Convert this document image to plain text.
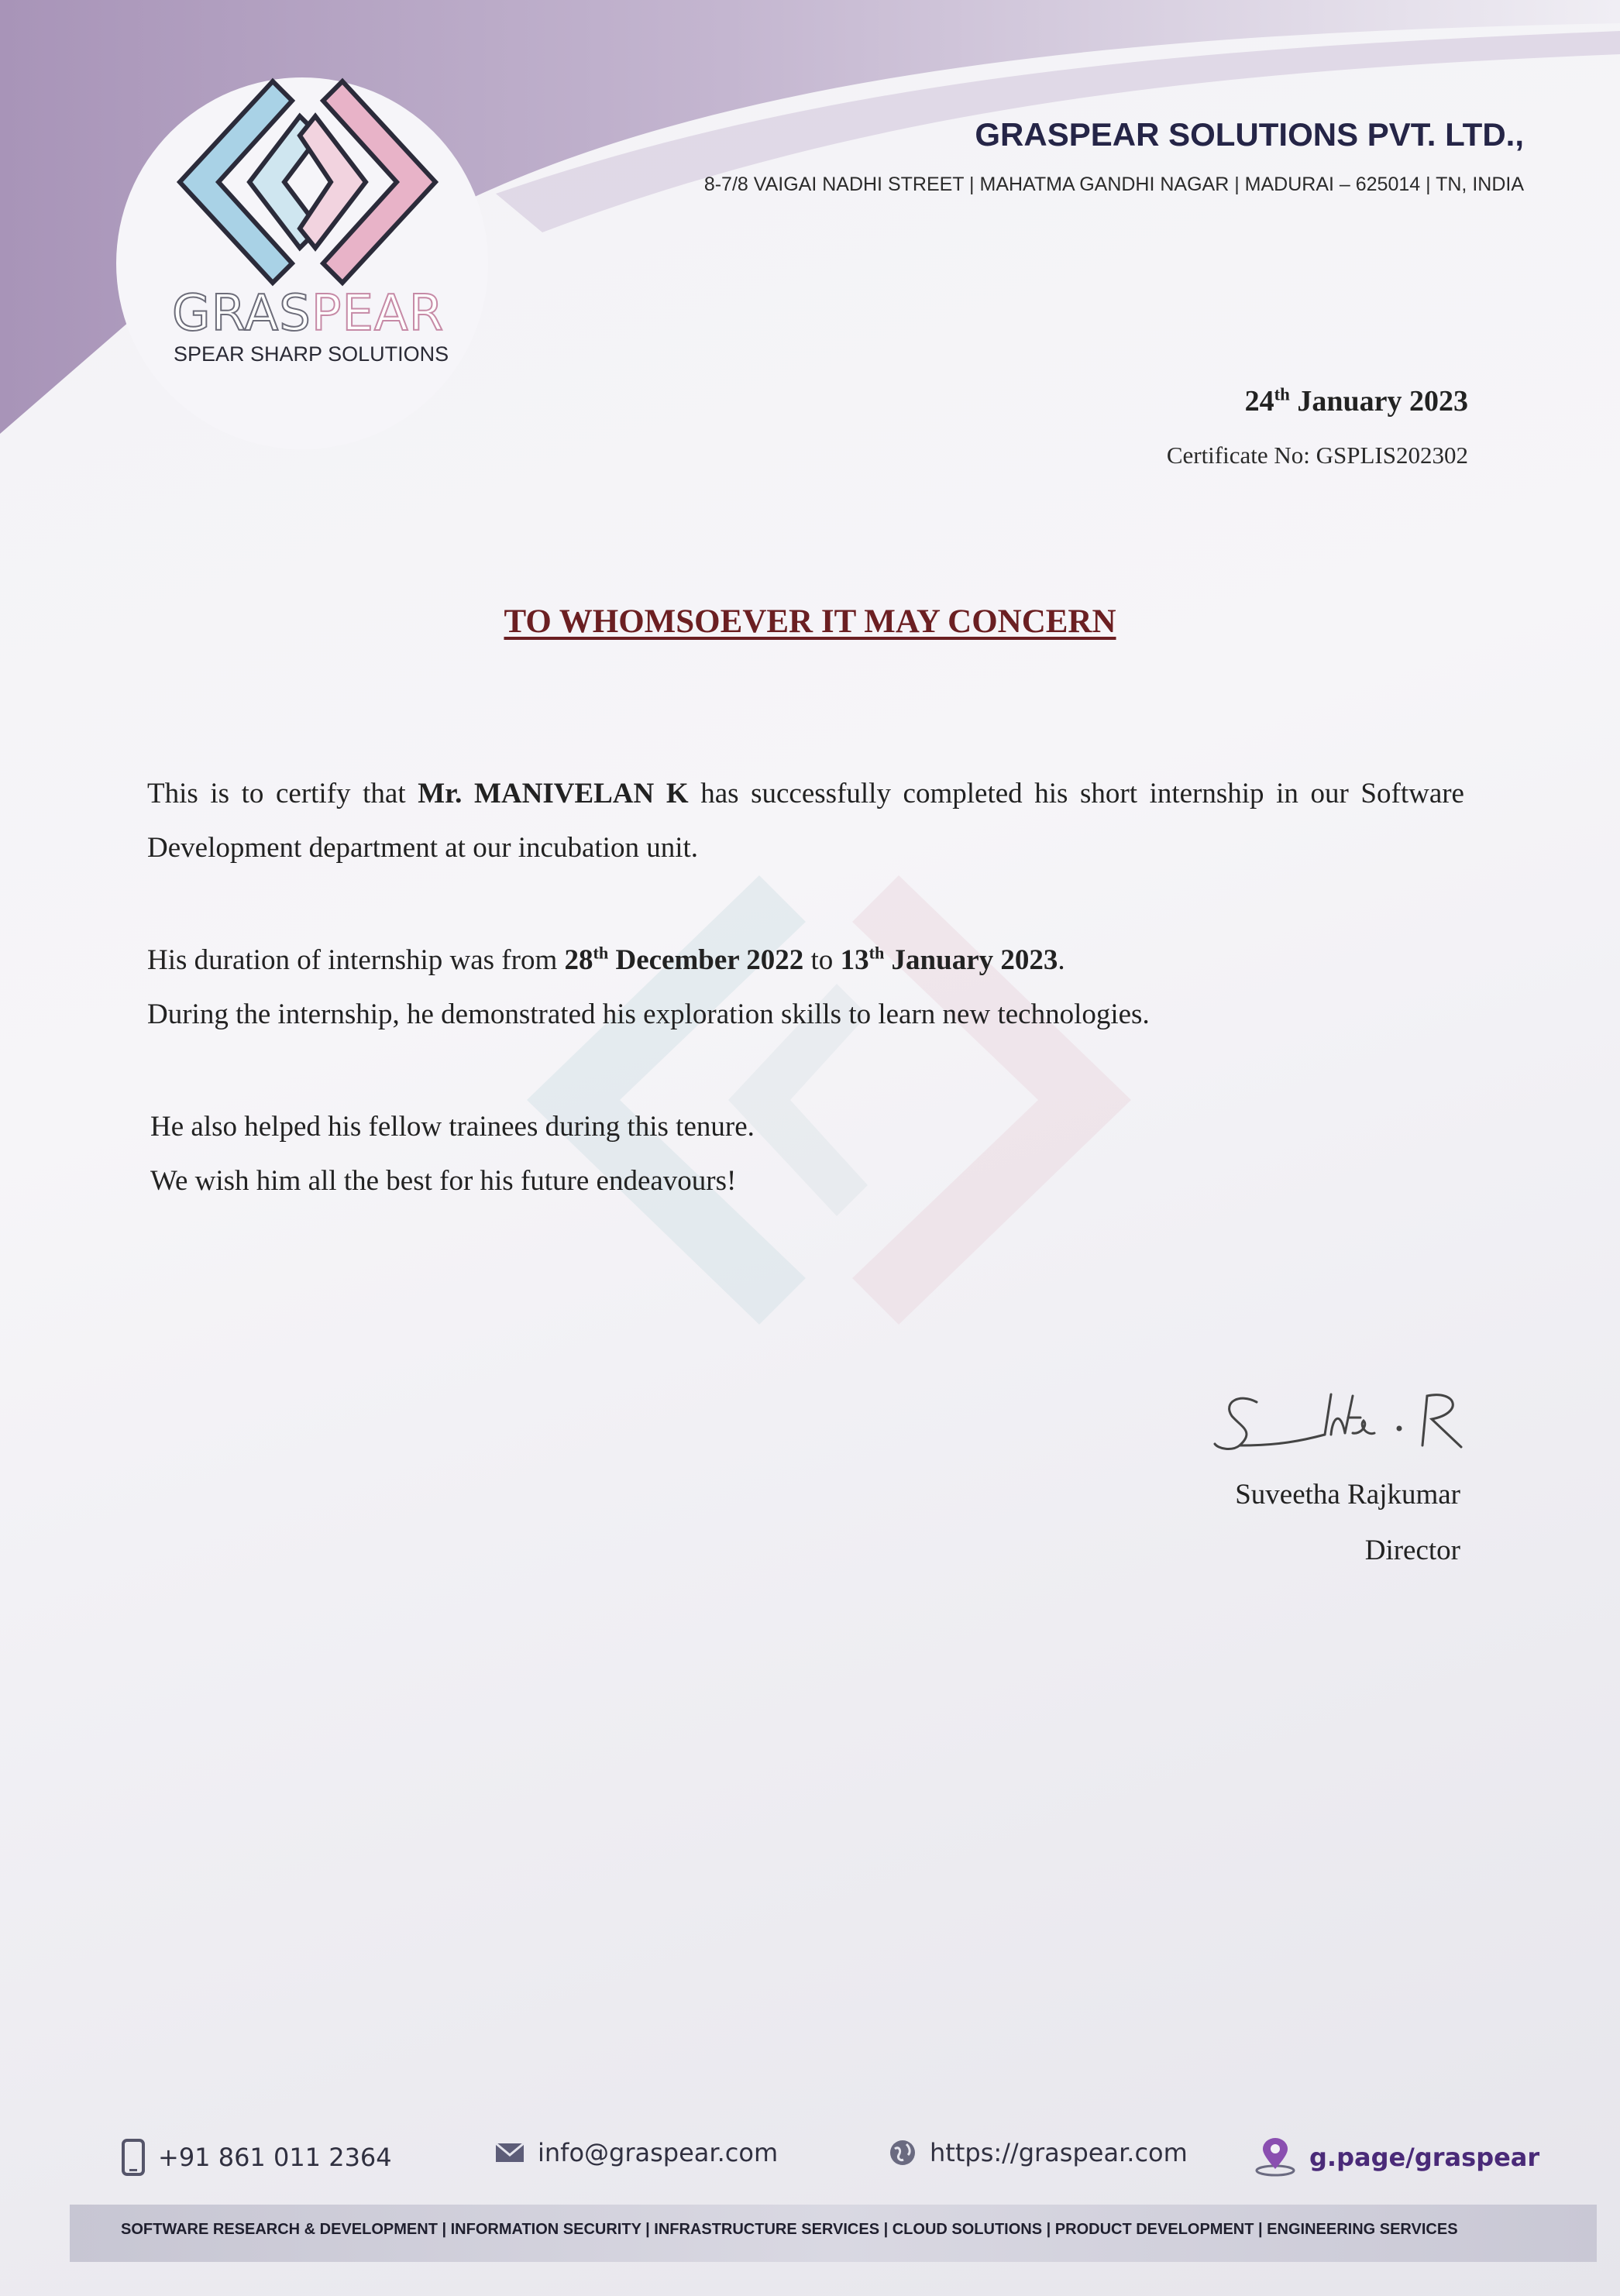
GRASPEAR
SPEAR SHARP SOLUTIONS
GRASPEAR SOLUTIONS PVT. LTD.,
8-7/8 VAIGAI NADHI STREET | MAHATMA GANDHI NAGAR | MADURAI – 625014 | TN, INDIA
24th January 2023
Certificate No: GSPLIS202302
TO WHOMSOEVER IT MAY CONCERN
This is to certify that Mr. MANIVELAN K has successfully completed his short internship in our Software Development department at our incubation unit.
His duration of internship was from 28th December 2022 to 13th January 2023.
During the internship, he demonstrated his exploration skills to learn new technologies.
He also helped his fellow trainees during this tenure.
We wish him all the best for his future endeavours!
Suveetha Rajkumar
Director
+91 861 011 2364	info@graspear.com	https://graspear.com	g.page/graspear
SOFTWARE RESEARCH & DEVELOPMENT | INFORMATION SECURITY | INFRASTRUCTURE SERVICES | CLOUD SOLUTIONS | PRODUCT DEVELOPMENT | ENGINEERING SERVICES
